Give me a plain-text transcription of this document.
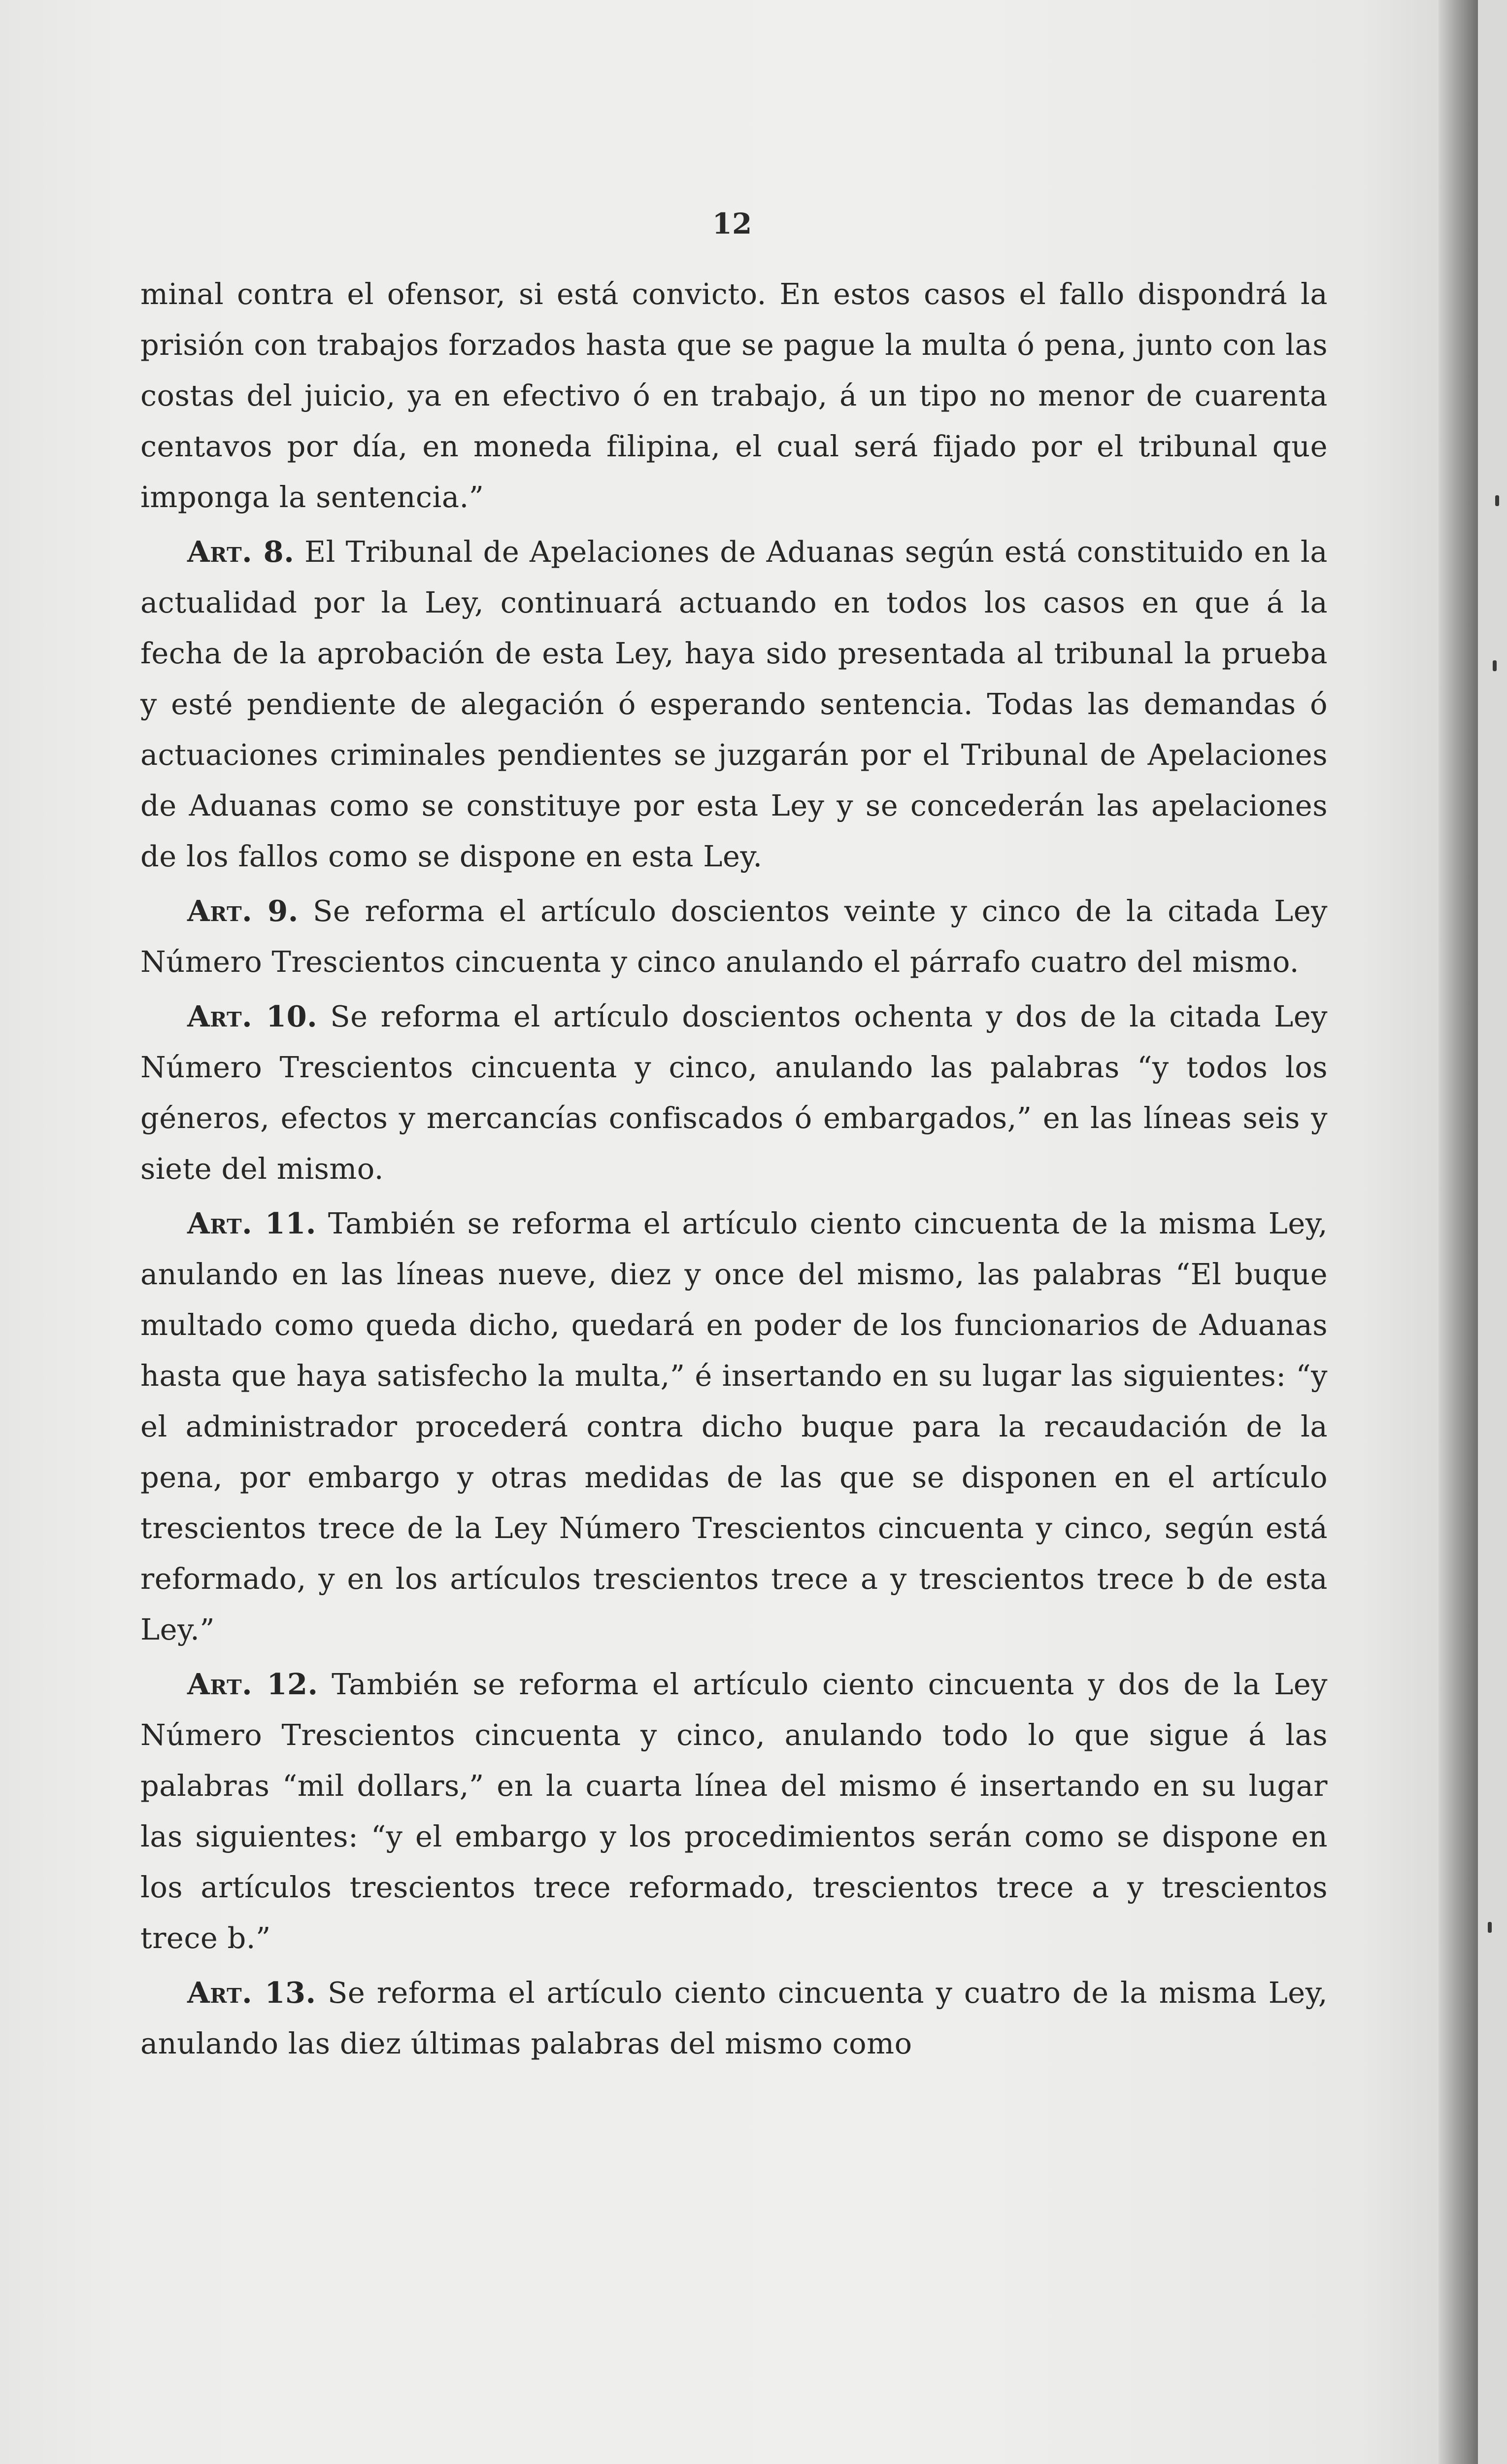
12

minal contra el ofensor, si está convicto. En estos casos el fallo dispondrá la prisión con trabajos forzados hasta que se pague la multa ó pena, junto con las costas del juicio, ya en efectivo ó en trabajo, á un tipo no menor de cuarenta centavos por día, en moneda filipina, el cual será fijado por el tribunal que imponga la sentencia.”

Art. 8. El Tribunal de Apelaciones de Aduanas según está constituido en la actualidad por la Ley, continuará actuando en todos los casos en que á la fecha de la aprobación de esta Ley, haya sido presentada al tribunal la prueba y esté pendiente de alegación ó esperando sentencia. Todas las demandas ó actuaciones criminales pendientes se juzgarán por el Tribunal de Apelaciones de Aduanas como se constituye por esta Ley y se concederán las apelaciones de los fallos como se dispone en esta Ley.

Art. 9. Se reforma el artículo doscientos veinte y cinco de la citada Ley Número Trescientos cincuenta y cinco anulando el párrafo cuatro del mismo.

Art. 10. Se reforma el artículo doscientos ochenta y dos de la citada Ley Número Trescientos cincuenta y cinco, anulando las palabras “y todos los géneros, efectos y mercancías confiscados ó embargados,” en las líneas seis y siete del mismo.

Art. 11. También se reforma el artículo ciento cincuenta de la misma Ley, anulando en las líneas nueve, diez y once del mismo, las palabras “El buque multado como queda dicho, quedará en poder de los funcionarios de Aduanas hasta que haya satisfecho la multa,” é insertando en su lugar las siguientes: “y el administrador procederá contra dicho buque para la recaudación de la pena, por embargo y otras medidas de las que se disponen en el artículo trescientos trece de la Ley Número Trescientos cincuenta y cinco, según está reformado, y en los artículos trescientos trece a y trescientos trece b de esta Ley.”

Art. 12. También se reforma el artículo ciento cincuenta y dos de la Ley Número Trescientos cincuenta y cinco, anulando todo lo que sigue á las palabras “mil dollars,” en la cuarta línea del mismo é insertando en su lugar las siguientes: “y el embargo y los procedimientos serán como se dispone en los artículos trescientos trece reformado, trescientos trece a y trescientos trece b.”

Art. 13. Se reforma el artículo ciento cincuenta y cuatro de la misma Ley, anulando las diez últimas palabras del mismo como
